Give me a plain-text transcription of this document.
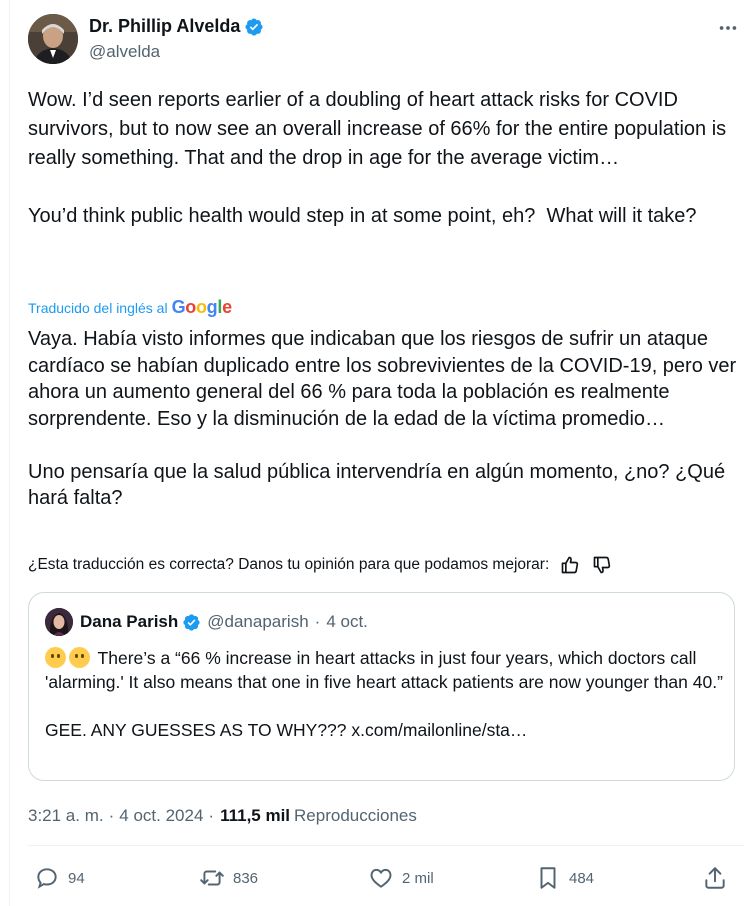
Dr. Phillip Alvelda
@alvelda
Wow. I’d seen reports earlier of a doubling of heart attack risks for COVID survivors, but to now see an overall increase of 66% for the entire population is really something. That and the drop in age for the average victim…

You’d think public health would step in at some point, eh?  What will it take?
Traducido del inglés al Google
Vaya. Había visto informes que indicaban que los riesgos de sufrir un ataque cardíaco se habían duplicado entre los sobrevivientes de la COVID-19, pero ver ahora un aumento general del 66 % para toda la población es realmente sorprendente. Eso y la disminución de la edad de la víctima promedio…

Uno pensaría que la salud pública intervendría en algún momento, ¿no? ¿Qué hará falta?
¿Esta traducción es correcta? Danos tu opinión para que podamos mejorar:
Dana Parish @danaparish · 4 oct.
There’s a “66 % increase in heart attacks in just four years, which doctors call 'alarming.' It also means that one in five heart attack patients are now younger than 40.”

GEE. ANY GUESSES AS TO WHY??? x.com/mailonline/sta…
3:21 a. m. · 4 oct. 2024 · 111,5 mil Reproducciones
94	836	2 mil	484
